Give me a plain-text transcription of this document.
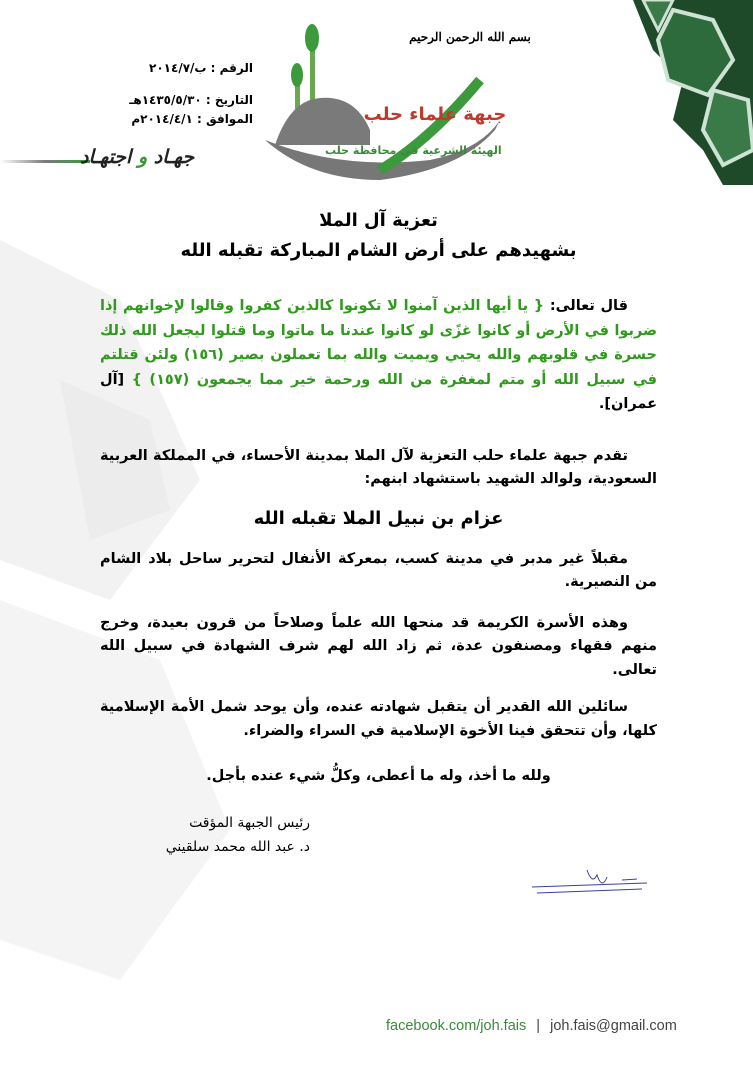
جبهة علماء حلب
بسم الله الرحمن الرحيم
الرقم : ب/٢٠١٤/٧
التاريخ : ١٤٣٥/٥/٣٠هـ
الموافق : ٢٠١٤/٤/١م
جهـاد و اجتهـاد	الهيئة الشرعية في محافظة حلب
تعزية آل الملا
بشهيدهم على أرض الشام المباركة تقبله الله
  قال تعالى: { يا أيها الذين آمنوا لا تكونوا كالذين كفروا وقالوا لإخوانهم إذا ضربوا في الأرض أو كانوا غزًى لو كانوا عندنا ما ماتوا وما قتلوا ليجعل الله ذلك حسرة في قلوبهم والله يحيي ويميت والله بما تعملون بصير (١٥٦) ولئن قتلتم في سبيل الله أو متم لمغفرة من الله ورحمة خير مما يجمعون (١٥٧) } [آل عمران].
  تقدم جبهة علماء حلب التعزية لآل الملا بمدينة الأحساء، في المملكة العربية السعودية، ولوالد الشهيد باستشهاد ابنهم:
عزام بن نبيل الملا تقبله الله
  مقبلاً غير مدبر في مدينة كسب، بمعركة الأنفال لتحرير ساحل بلاد الشام من النصيرية.
  وهذه الأسرة الكريمة قد منحها الله علماً وصلاحاً من قرون بعيدة، وخرج منهم فقهاء ومصنفون عدة، ثم زاد الله لهم شرف الشهادة في سبيل الله تعالى.
  سائلين الله القدير أن يتقبل شهادته عنده، وأن يوحد شمل الأمة الإسلامية كلها، وأن تتحقق فينا الأخوة الإسلامية في السراء والضراء.
ولله ما أخذ، وله ما أعطى، وكلُّ شيء عنده بأجل.
رئيس الجبهة المؤقت
د. عبد الله محمد سلقيني
facebook.com/joh.fais | joh.fais@gmail.com
